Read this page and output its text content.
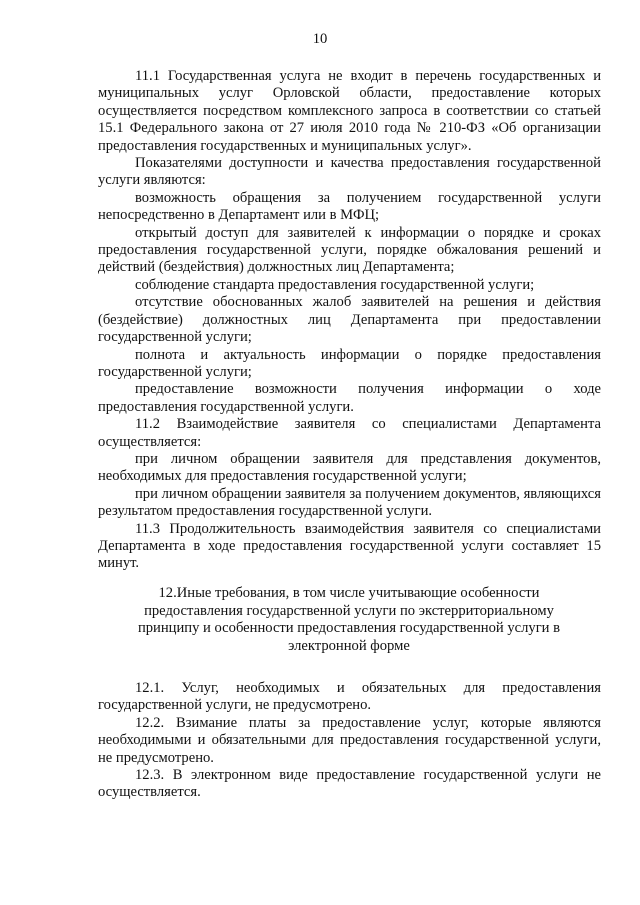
10

11.1 Государственная услуга не входит в перечень государственных и муниципальных услуг Орловской области, предоставление которых осуществляется посредством комплексного запроса в соответствии со статьей 15.1 Федерального закона от 27 июля 2010 года № 210-ФЗ «Об организации предоставления государственных и муниципальных услуг».

Показателями доступности и качества предоставления государственной услуги являются:

возможность обращения за получением государственной услуги непосредственно в Департамент или в МФЦ;

открытый доступ для заявителей к информации о порядке и сроках предоставления государственной услуги, порядке обжалования решений и действий (бездействия) должностных лиц Департамента;

соблюдение стандарта предоставления государственной услуги;

отсутствие обоснованных жалоб заявителей на решения и действия (бездействие) должностных лиц Департамента при предоставлении государственной услуги;

полнота и актуальность информации о порядке предоставления государственной услуги;

предоставление возможности получения информации о ходе предоставления государственной услуги.

11.2 Взаимодействие заявителя со специалистами Департамента осуществляется:

при личном обращении заявителя для представления документов, необходимых для предоставления государственной услуги;

при личном обращении заявителя за получением документов, являющихся результатом предоставления государственной услуги.

11.3 Продолжительность взаимодействия заявителя со специалистами Департамента в ходе предоставления государственной услуги составляет 15 минут.

12.Иные требования, в том числе учитывающие особенности предоставления государственной услуги по экстерриториальному принципу и особенности предоставления государственной услуги в электронной форме

12.1. Услуг, необходимых и обязательных для предоставления государственной услуги, не предусмотрено.

12.2. Взимание платы за предоставление услуг, которые являются необходимыми и обязательными для предоставления государственной услуги, не предусмотрено.

12.3. В электронном виде предоставление государственной услуги не осуществляется.
